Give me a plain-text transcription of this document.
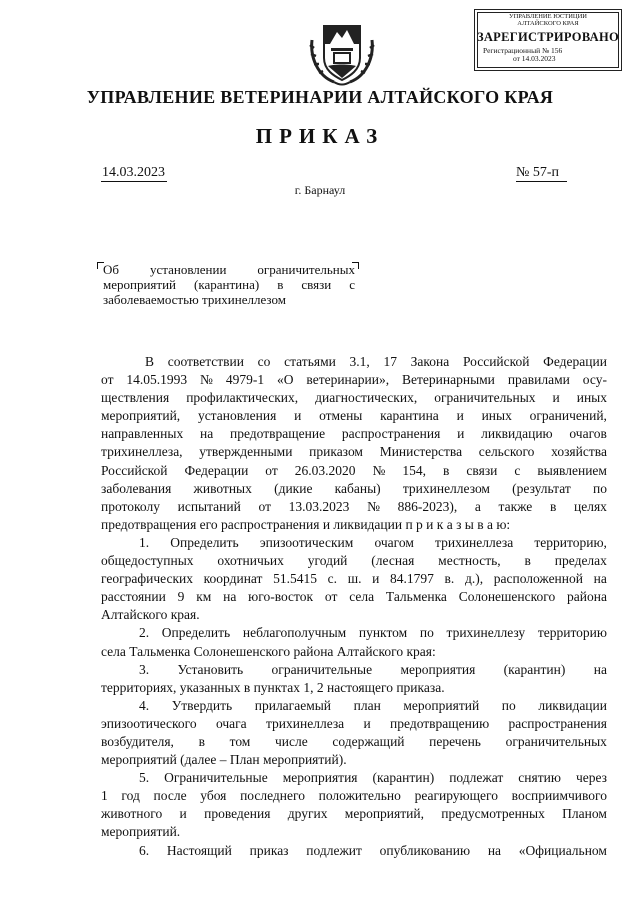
УПРАВЛЕНИЕ ЮСТИЦИИ
АЛТАЙСКОГО КРАЯ
ЗАРЕГИСТРИРОВАНО
Регистрационный № 156
от 14.03.2023
УПРАВЛЕНИЕ ВЕТЕРИНАРИИ АЛТАЙСКОГО КРАЯ
ПРИКАЗ
14.03.2023	№ 57-п
г. Барнаул
Об установлении ограничительных
мероприятий (карантина) в связи с
заболеваемостью трихинеллезом
В соответствии со статьями 3.1, 17 Закона Российской Федерации
от 14.05.1993 № 4979-1 «О ветеринарии», Ветеринарными правилами осу-
ществления профилактических, диагностических, ограничительных и иных
мероприятий, установления и отмены карантина и иных ограничений,
направленных на предотвращение распространения и ликвидацию очагов
трихинеллеза, утвержденными приказом Министерства сельского хозяйства
Российской Федерации от 26.03.2020 № 154, в связи с выявлением
заболевания животных (дикие кабаны) трихинеллезом (результат по
протоколу испытаний от 13.03.2023 № 886-2023), а также в целях
предотвращения его распространения и ликвидации п р и к а з ы в а ю:
1. Определить эпизоотическим очагом трихинеллеза территорию,
общедоступных охотничьих угодий (лесная местность, в пределах
географических координат 51.5415 с. ш. и 84.1797 в. д.), расположенной на
расстоянии 9 км на юго-восток от села Тальменка Солонешенского района
Алтайского края.
2. Определить неблагополучным пунктом по трихинеллезу территорию
села Тальменка Солонешенского района Алтайского края:
3. Установить ограничительные мероприятия (карантин) на
территориях, указанных в пунктах 1, 2 настоящего приказа.
4. Утвердить прилагаемый план мероприятий по ликвидации
эпизоотического очага трихинеллеза и предотвращению распространения
возбудителя, в том числе содержащий перечень ограничительных
мероприятий (далее – План мероприятий).
5. Ограничительные мероприятия (карантин) подлежат снятию через
1 год после убоя последнего положительно реагирующего восприимчивого
животного и проведения других мероприятий, предусмотренных Планом
мероприятий.
6. Настоящий приказ подлежит опубликованию на «Официальном
